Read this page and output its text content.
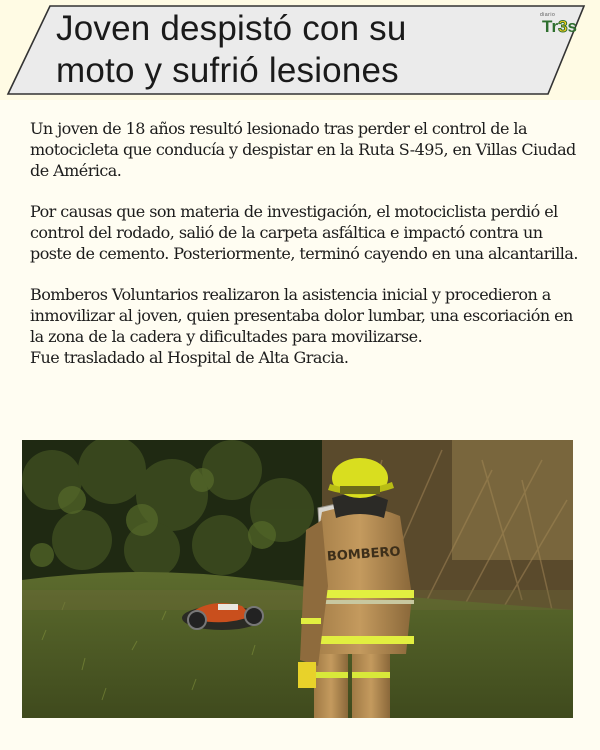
Joven despistó con su
moto y sufrió lesiones
diario
Tr3s

Un joven de 18 años resultó lesionado tras perder el control de la motocicleta que conducía y despistar en la Ruta S-495, en Villas Ciudad de América.

Por causas que son materia de investigación, el motociclista perdió el control del rodado, salió de la carpeta asfáltica e impactó contra un poste de cemento. Posteriormente, terminó cayendo en una alcantarilla.

Bomberos Voluntarios realizaron la asistencia inicial y procedieron a inmovilizar al joven, quien presentaba dolor lumbar, una escoriación en la zona de la cadera y dificultades para movilizarse.

Fue trasladado al Hospital de Alta Gracia.

BOMBERO
